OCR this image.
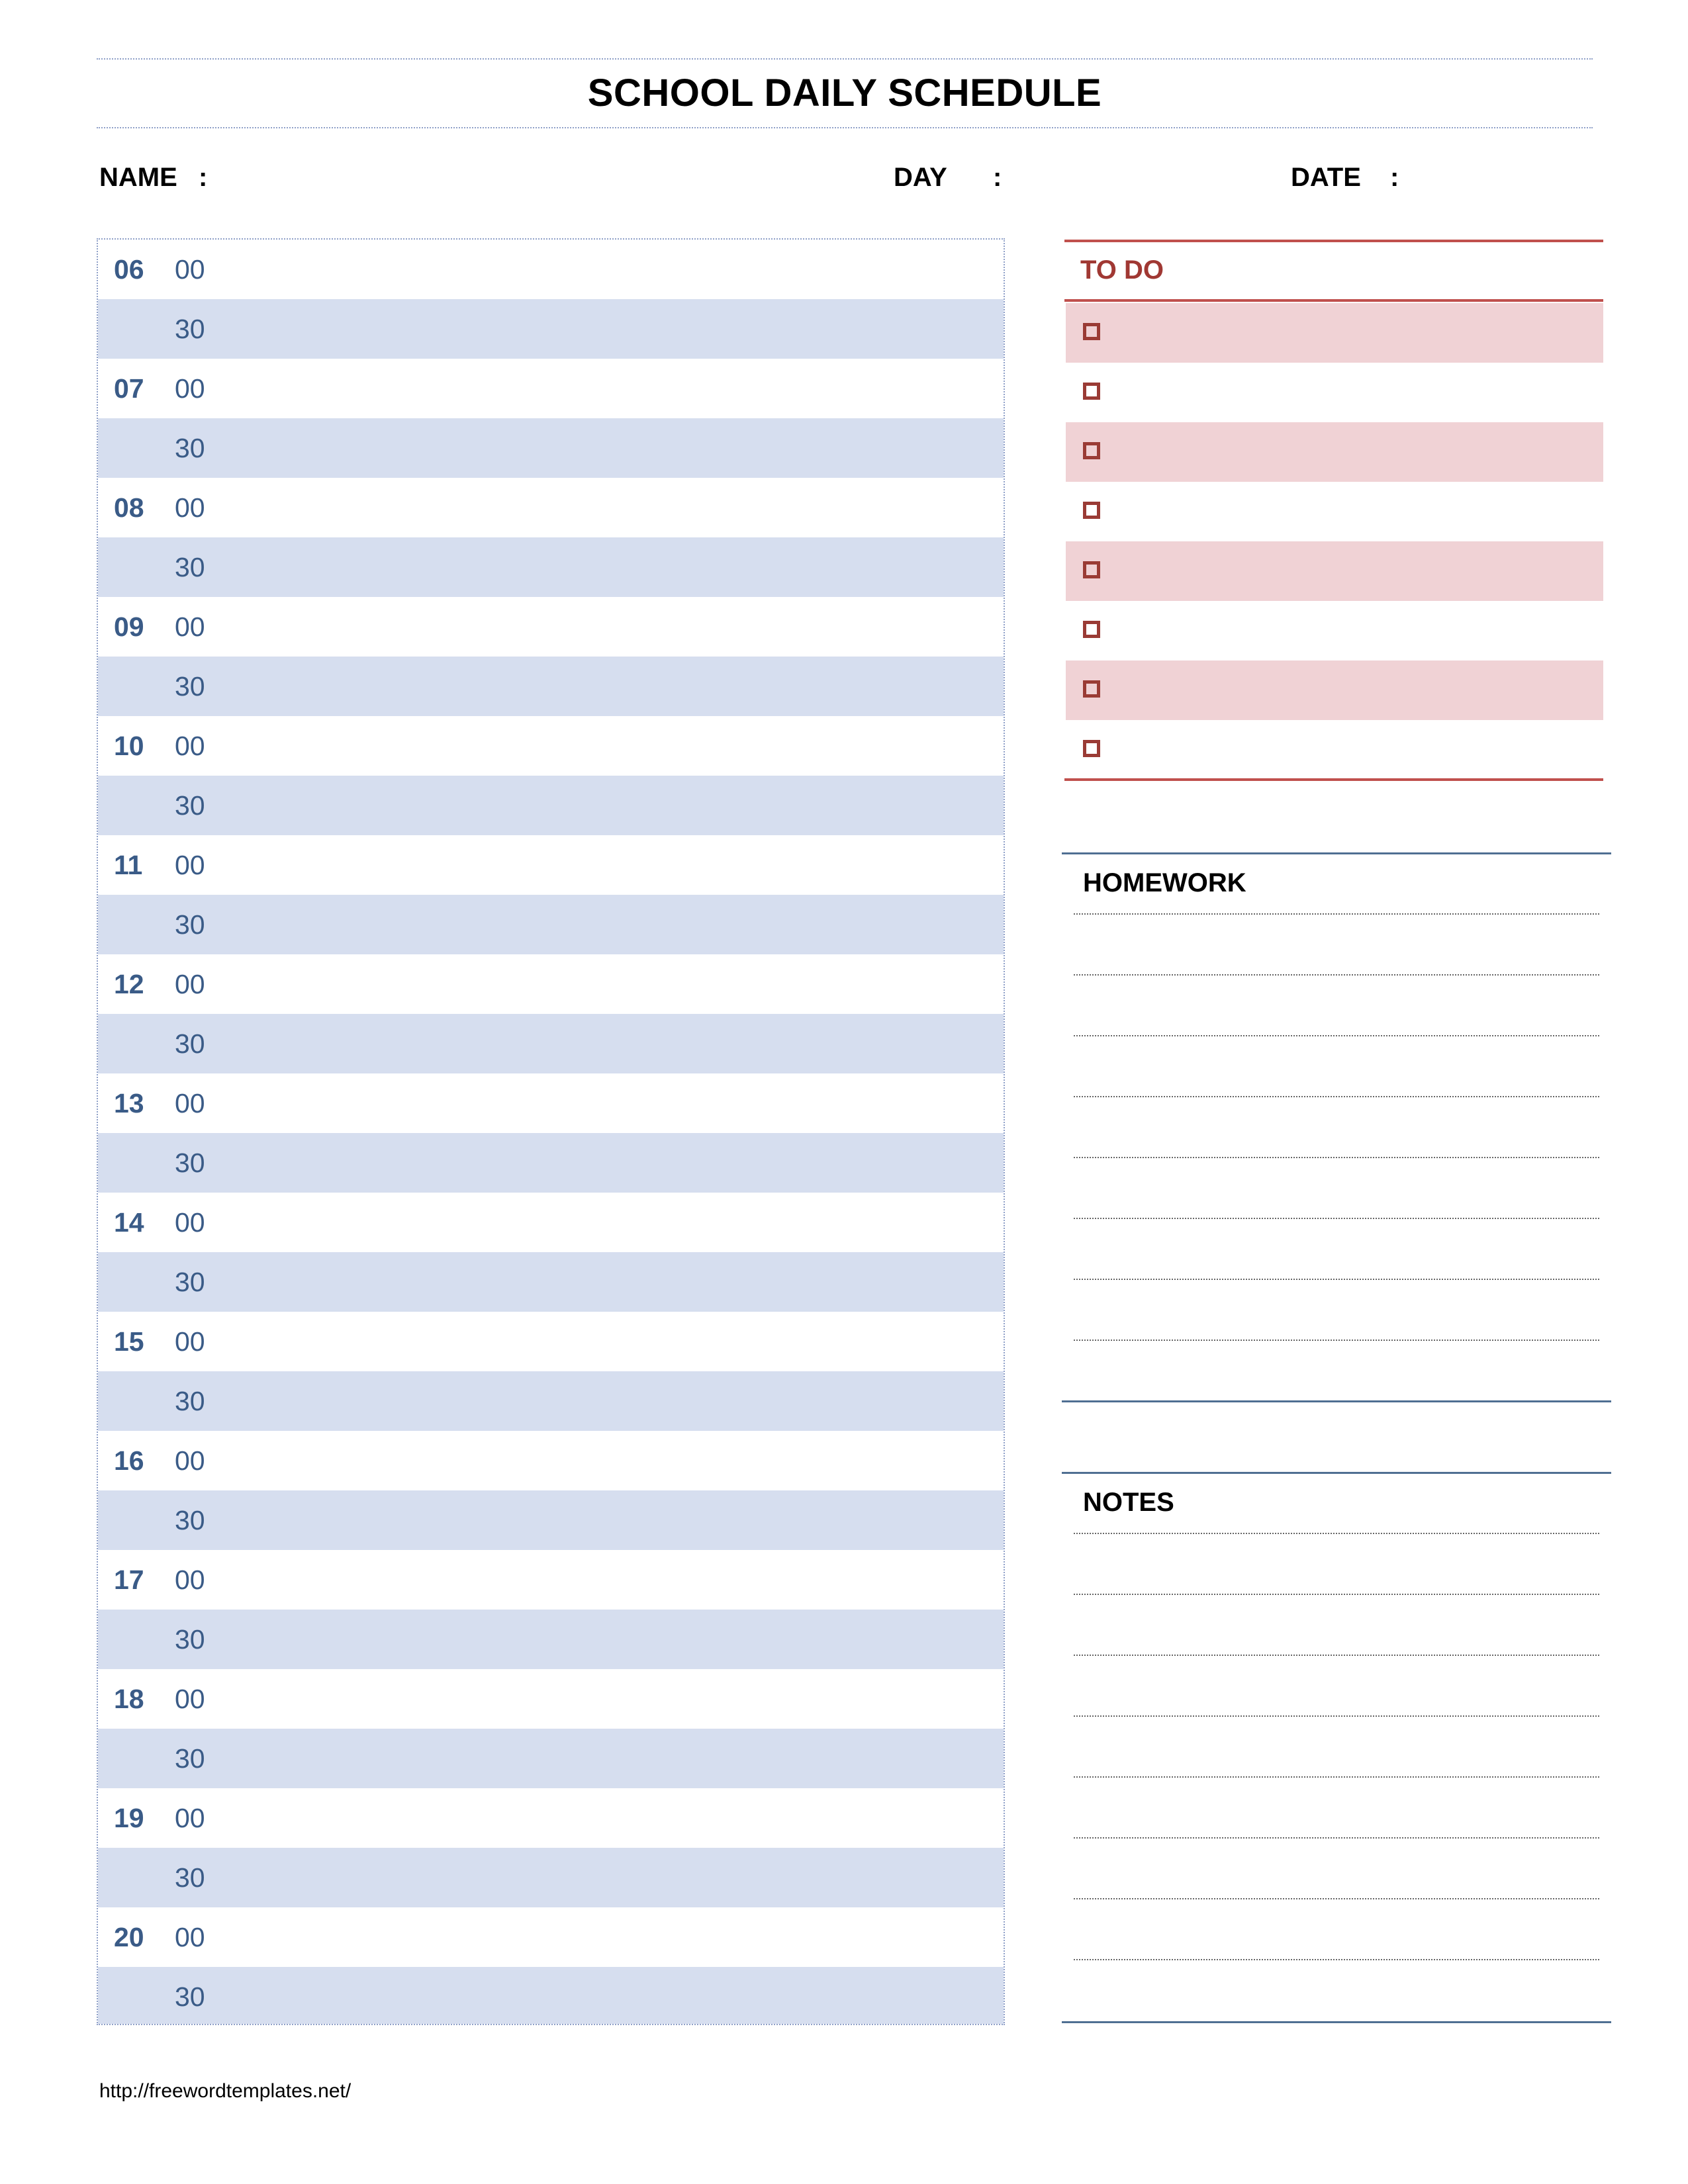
SCHOOL DAILY SCHEDULE
NAME :	DAY :	DATE :
06 00
30
07 00
30
08 00
30
09 00
30
10 00
30
11 00
30
12 00
30
13 00
30
14 00
30
15 00
30
16 00
30
17 00
30
18 00
30
19 00
30
20 00
30
TO DO
HOMEWORK
NOTES
http://freewordtemplates.net/
